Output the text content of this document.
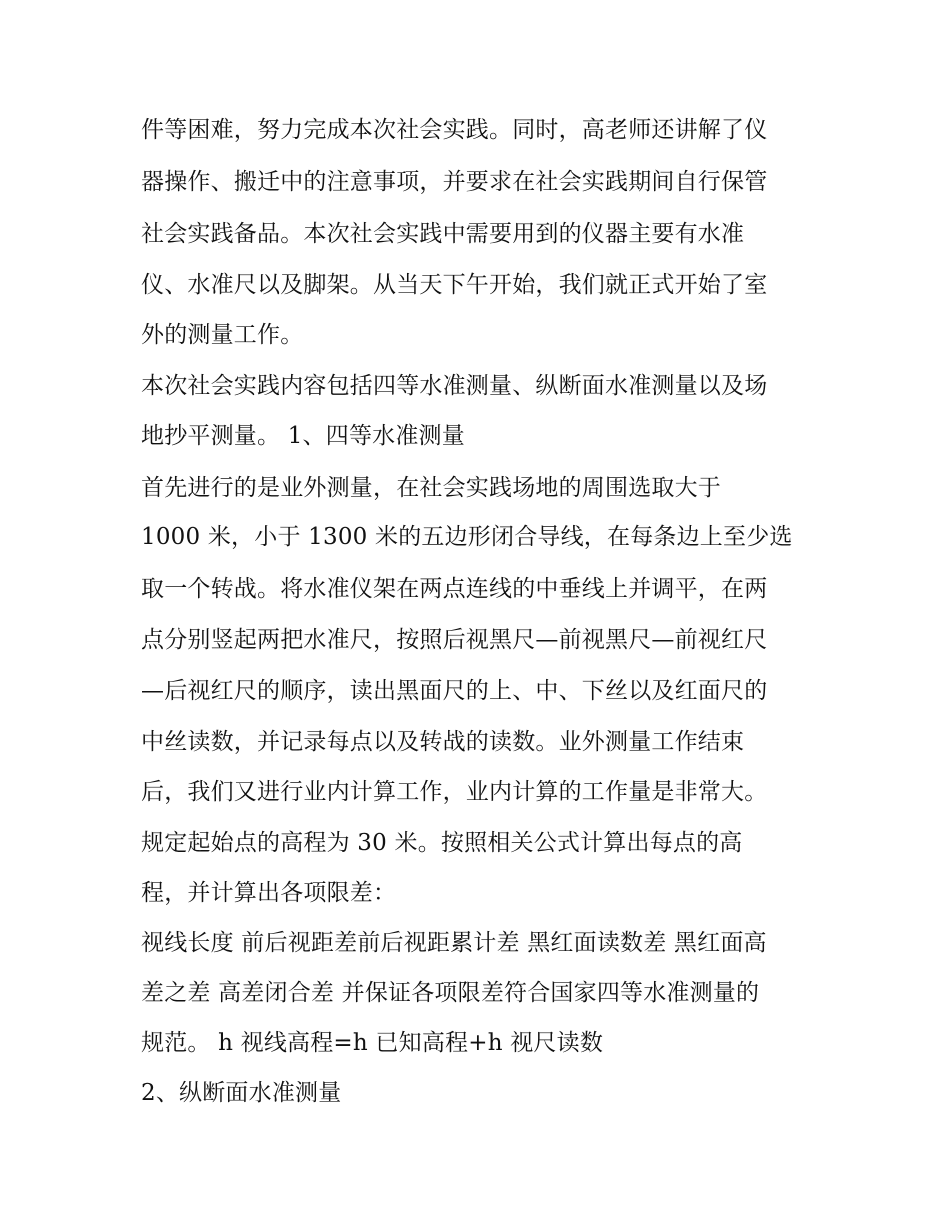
件等困难，努力完成本次社会实践。同时，高老师还讲解了仪
器操作、搬迁中的注意事项，并要求在社会实践期间自行保管
社会实践备品。本次社会实践中需要用到的仪器主要有水准
仪、水准尺以及脚架。从当天下午开始，我们就正式开始了室
外的测量工作。
本次社会实践内容包括四等水准测量、纵断面水准测量以及场
地抄平测量。 1、四等水准测量
首先进行的是业外测量，在社会实践场地的周围选取大于
1000 米，小于 1300 米的五边形闭合导线，在每条边上至少选
取一个转战。将水准仪架在两点连线的中垂线上并调平，在两
点分别竖起两把水准尺，按照后视黑尺—前视黑尺—前视红尺
—后视红尺的顺序，读出黑面尺的上、中、下丝以及红面尺的
中丝读数，并记录每点以及转战的读数。业外测量工作结束
后，我们又进行业内计算工作，业内计算的工作量是非常大。
规定起始点的高程为 30 米。按照相关公式计算出每点的高
程，并计算出各项限差：
视线长度 前后视距差前后视距累计差 黑红面读数差 黑红面高
差之差 高差闭合差 并保证各项限差符合国家四等水准测量的
规范。 h 视线高程=h 已知高程+h 视尺读数
2、纵断面水准测量
